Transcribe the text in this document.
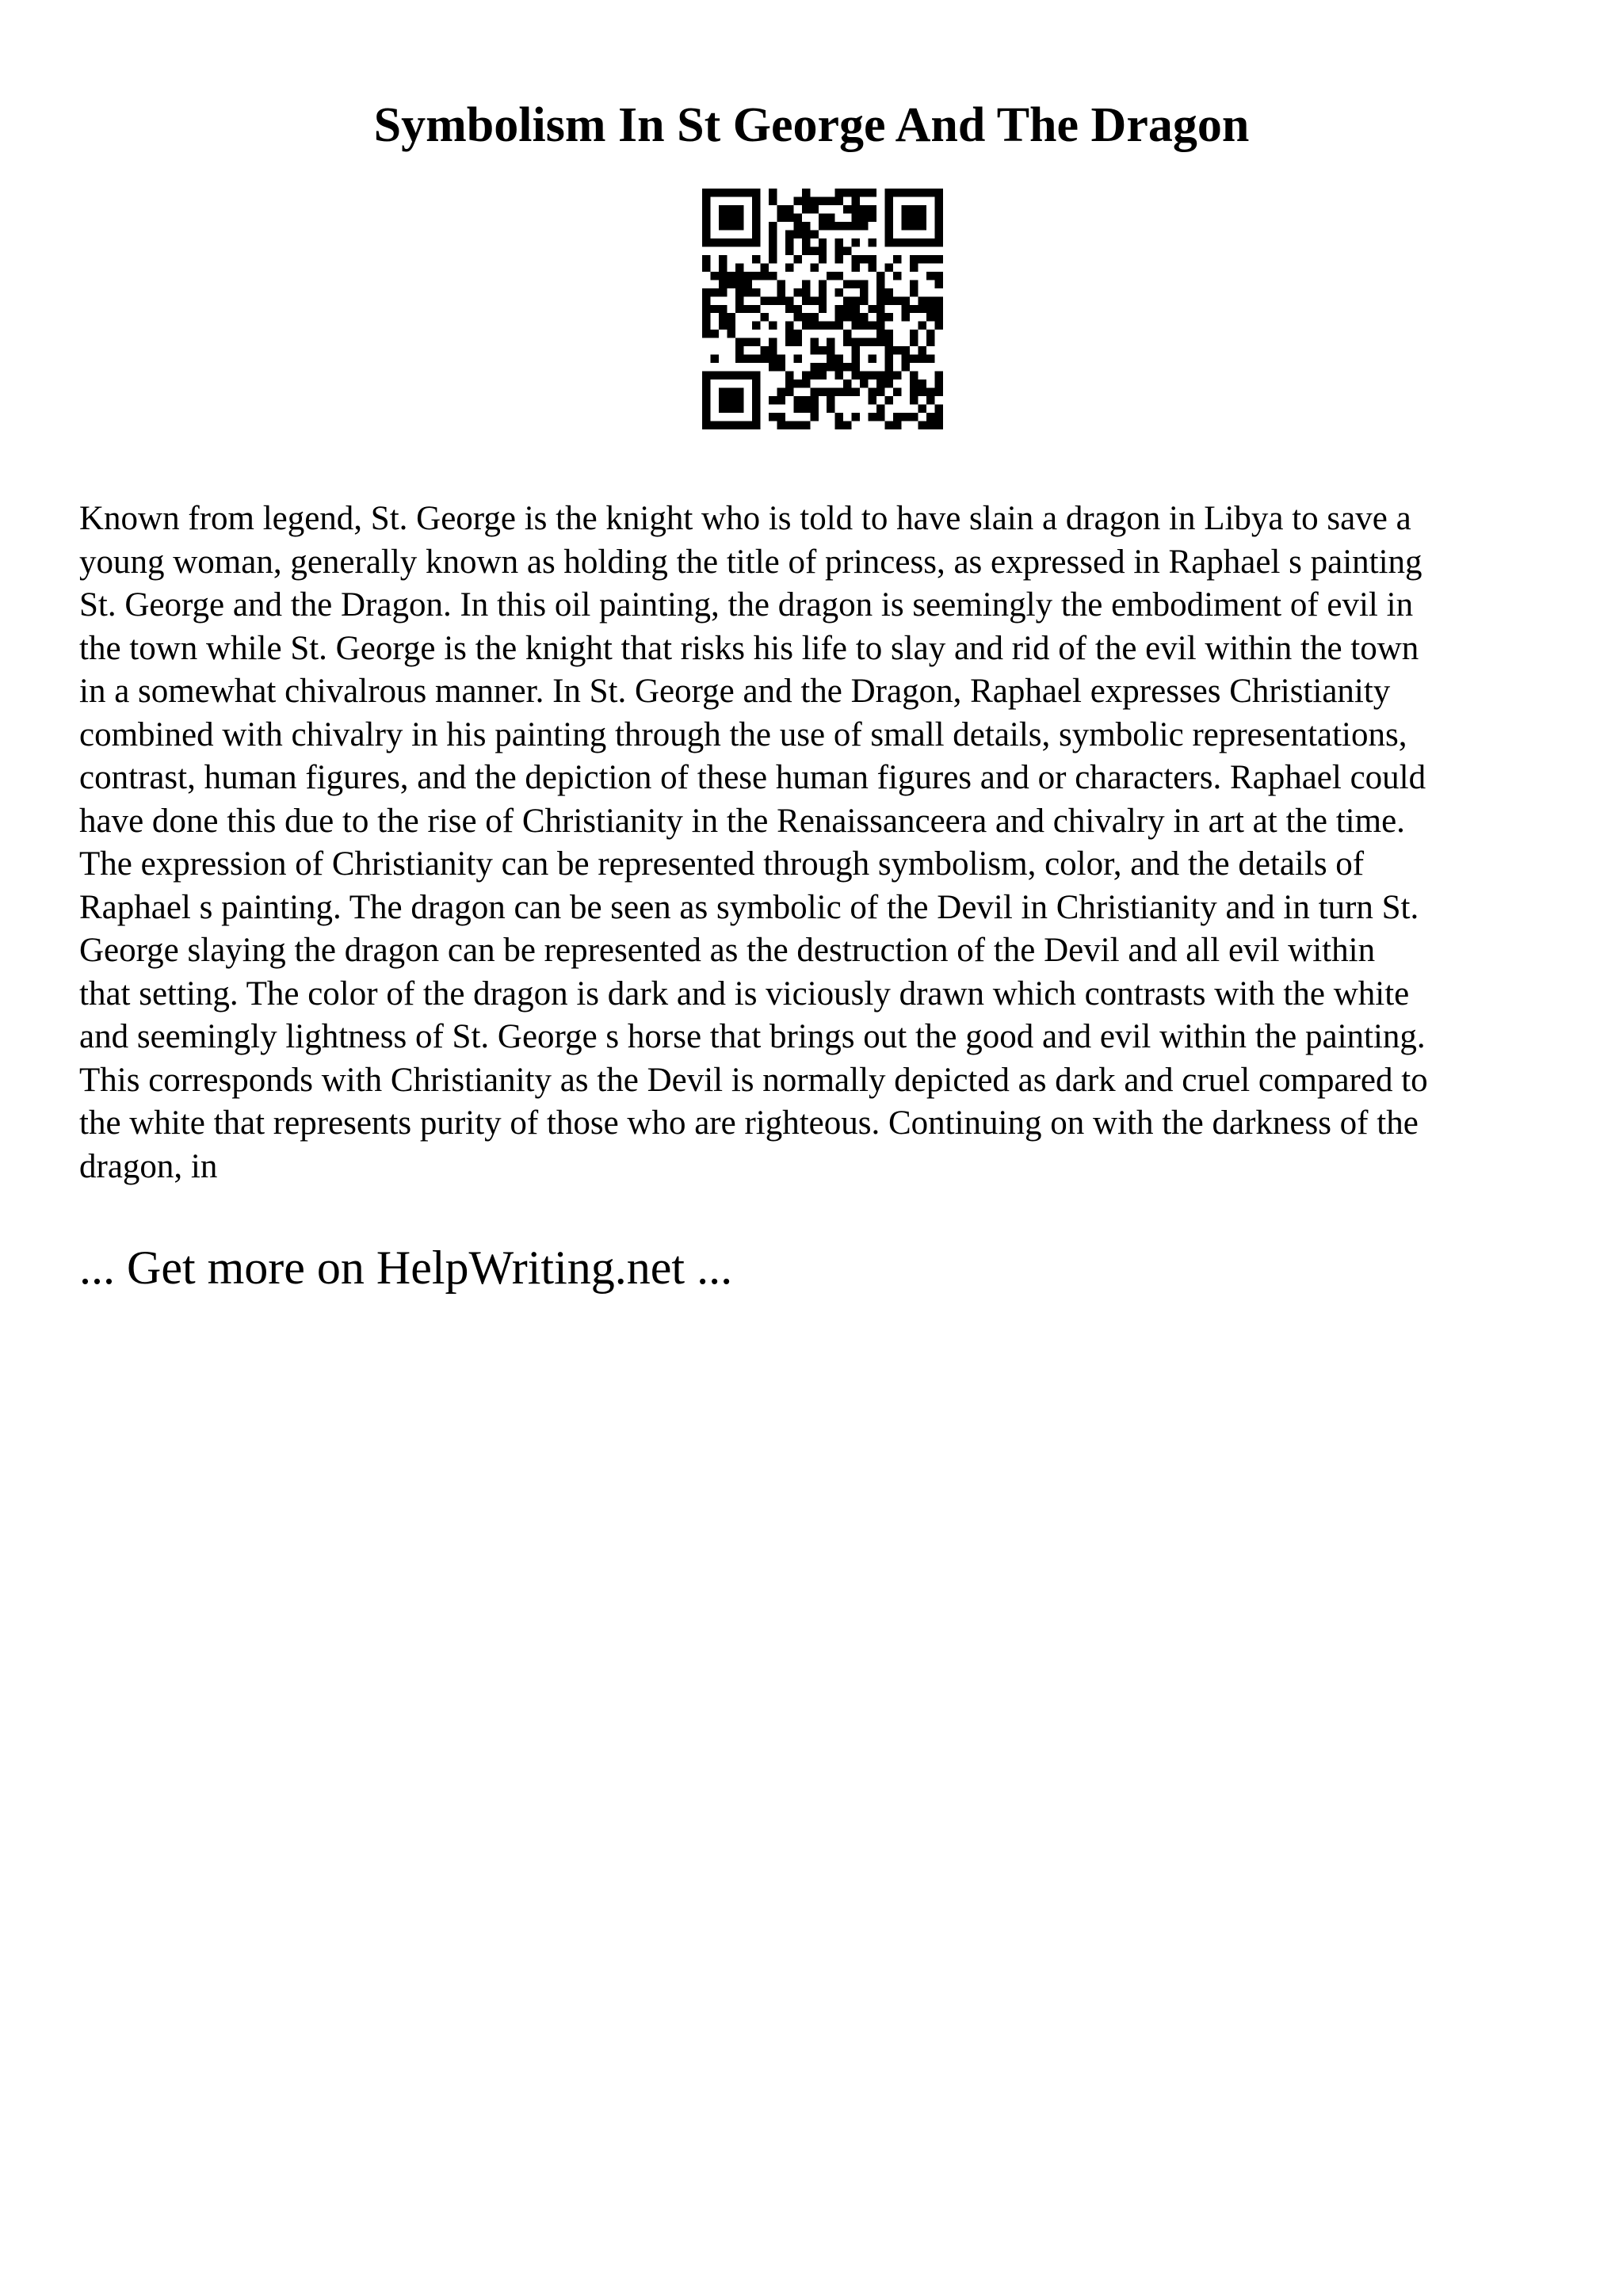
Symbolism In St George And The Dragon

Known from legend, St. George is the knight who is told to have slain a dragon in Libya to save a
young woman, generally known as holding the title of princess, as expressed in Raphael s painting
St. George and the Dragon. In this oil painting, the dragon is seemingly the embodiment of evil in
the town while St. George is the knight that risks his life to slay and rid of the evil within the town
in a somewhat chivalrous manner. In St. George and the Dragon, Raphael expresses Christianity
combined with chivalry in his painting through the use of small details, symbolic representations,
contrast, human figures, and the depiction of these human figures and or characters. Raphael could
have done this due to the rise of Christianity in the Renaissanceera and chivalry in art at the time.
The expression of Christianity can be represented through symbolism, color, and the details of
Raphael s painting. The dragon can be seen as symbolic of the Devil in Christianity and in turn St.
George slaying the dragon can be represented as the destruction of the Devil and all evil within
that setting. The color of the dragon is dark and is viciously drawn which contrasts with the white
and seemingly lightness of St. George s horse that brings out the good and evil within the painting.
This corresponds with Christianity as the Devil is normally depicted as dark and cruel compared to
the white that represents purity of those who are righteous. Continuing on with the darkness of the
dragon, in

... Get more on HelpWriting.net ...
